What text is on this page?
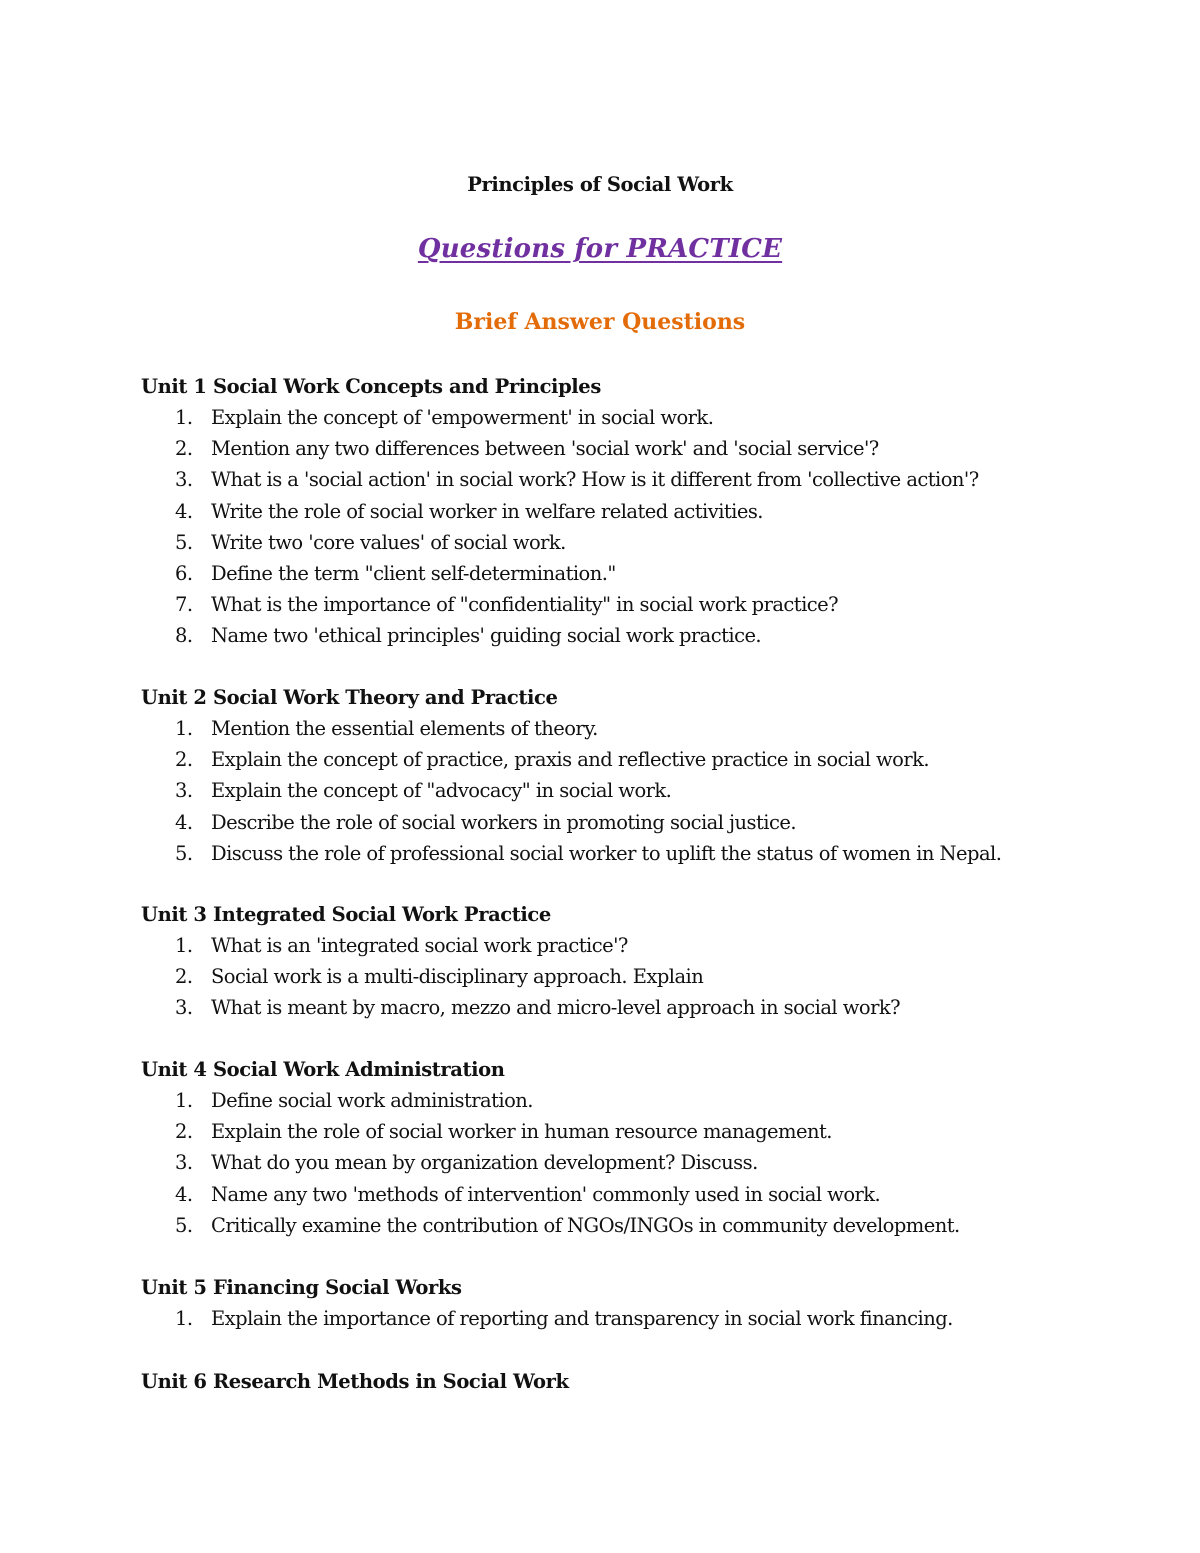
Principles of Social Work
Questions for PRACTICE
Brief Answer Questions
Unit 1 Social Work Concepts and Principles
1. Explain the concept of 'empowerment' in social work.
2. Mention any two differences between 'social work' and 'social service'?
3. What is a 'social action' in social work? How is it different from 'collective action'?
4. Write the role of social worker in welfare related activities.
5. Write two 'core values' of social work.
6. Define the term "client self-determination."
7. What is the importance of "confidentiality" in social work practice?
8. Name two 'ethical principles' guiding social work practice.
Unit 2 Social Work Theory and Practice
1. Mention the essential elements of theory.
2. Explain the concept of practice, praxis and reflective practice in social work.
3. Explain the concept of "advocacy" in social work.
4. Describe the role of social workers in promoting social justice.
5. Discuss the role of professional social worker to uplift the status of women in Nepal.
Unit 3 Integrated Social Work Practice
1. What is an 'integrated social work practice'?
2. Social work is a multi-disciplinary approach. Explain
3. What is meant by macro, mezzo and micro-level approach in social work?
Unit 4 Social Work Administration
1. Define social work administration.
2. Explain the role of social worker in human resource management.
3. What do you mean by organization development? Discuss.
4. Name any two 'methods of intervention' commonly used in social work.
5. Critically examine the contribution of NGOs/INGOs in community development.
Unit 5 Financing Social Works
1. Explain the importance of reporting and transparency in social work financing.
Unit 6 Research Methods in Social Work
